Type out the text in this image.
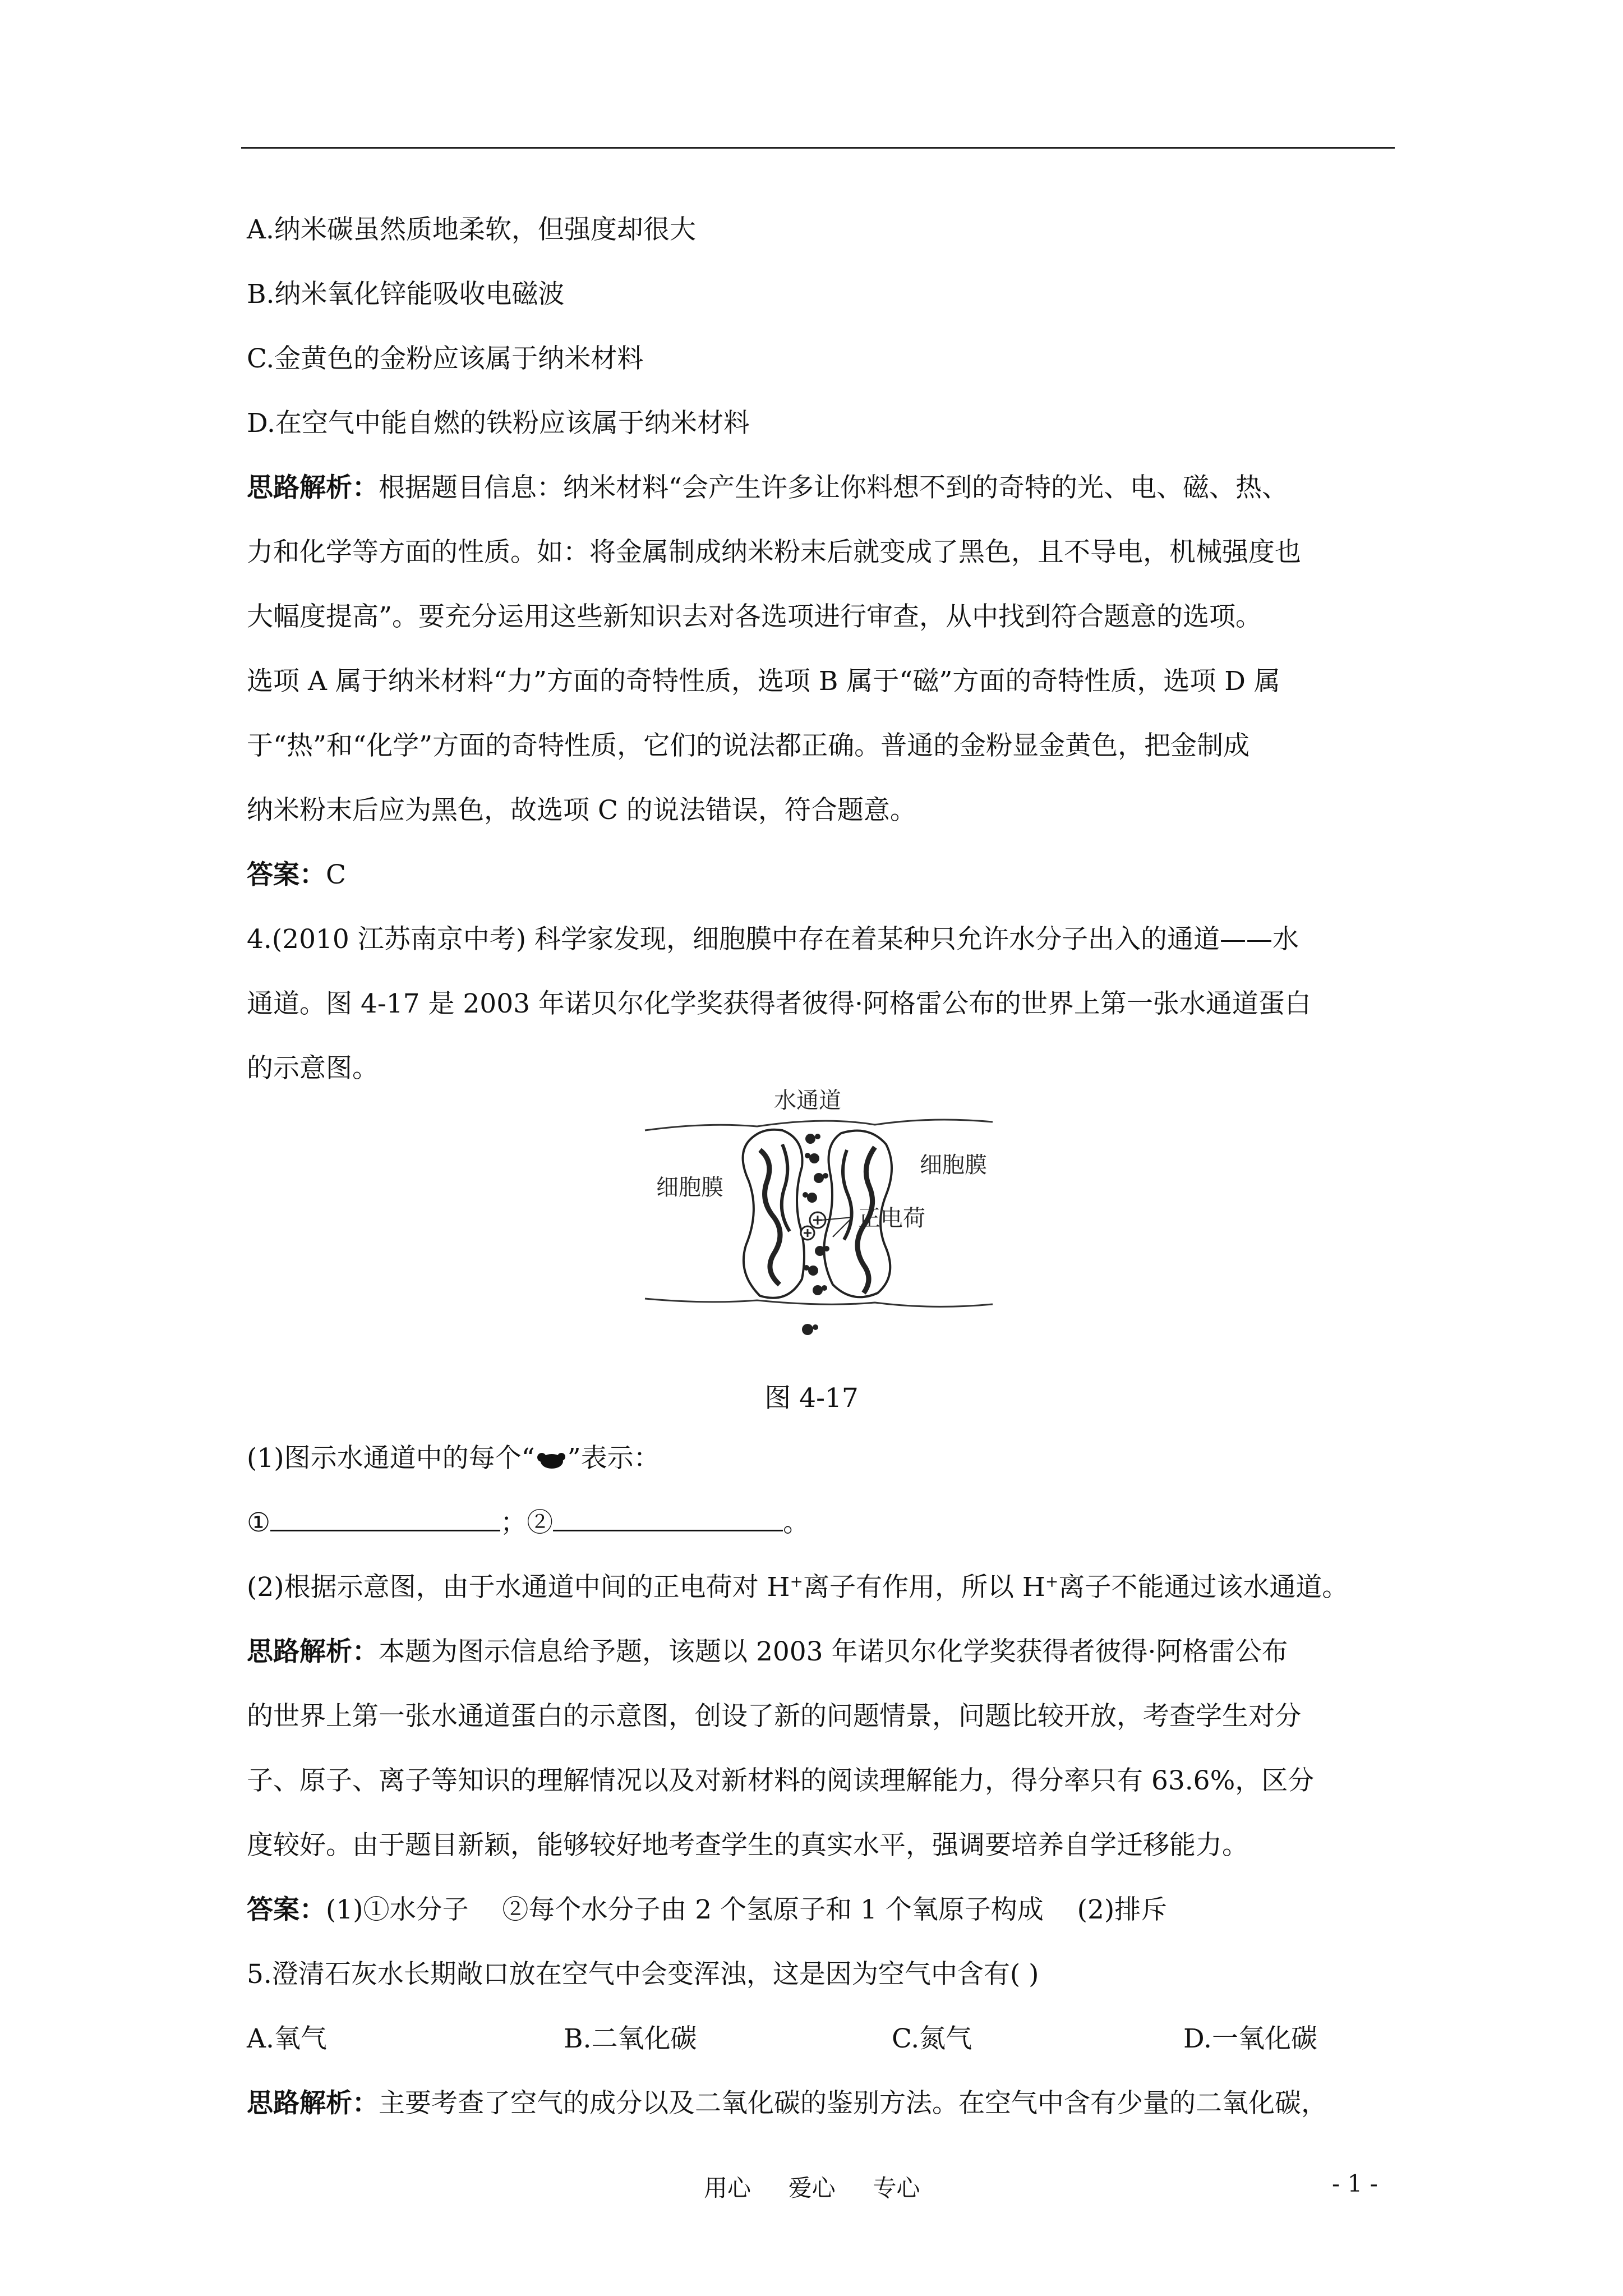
A.纳米碳虽然质地柔软，但强度却很大
B.纳米氧化锌能吸收电磁波
C.金黄色的金粉应该属于纳米材料
D.在空气中能自燃的铁粉应该属于纳米材料
思路解析：根据题目信息：纳米材料“会产生许多让你料想不到的奇特的光、电、磁、热、
力和化学等方面的性质。如：将金属制成纳米粉末后就变成了黑色，且不导电，机械强度也
大幅度提高”。要充分运用这些新知识去对各选项进行审查，从中找到符合题意的选项。
选项 A 属于纳米材料“力”方面的奇特性质，选项 B 属于“磁”方面的奇特性质，选项 D 属
于“热”和“化学”方面的奇特性质，它们的说法都正确。普通的金粉显金黄色，把金制成
纳米粉末后应为黑色，故选项 C 的说法错误，符合题意。
答案：C
4.(2010 江苏南京中考) 科学家发现，细胞膜中存在着某种只允许水分子出入的通道——水
通道。图 4-17 是 2003 年诺贝尔化学奖获得者彼得·阿格雷公布的世界上第一张水通道蛋白
的示意图。
水通道
细胞膜
细胞膜
正电荷
图 4-17
(1)图示水通道中的每个“ ”表示：
①	；②	。
(2)根据示意图，由于水通道中间的正电荷对 H+离子有作用，所以 H+离子不能通过该水通道。
思路解析：本题为图示信息给予题，该题以 2003 年诺贝尔化学奖获得者彼得·阿格雷公布
的世界上第一张水通道蛋白的示意图，创设了新的问题情景，问题比较开放，考查学生对分
子、原子、离子等知识的理解情况以及对新材料的阅读理解能力，得分率只有 63.6%，区分
度较好。由于题目新颖，能够较好地考查学生的真实水平，强调要培养自学迁移能力。
答案：(1)①水分子    ②每个水分子由 2 个氢原子和 1 个氧原子构成    (2)排斥
5.澄清石灰水长期敞口放在空气中会变浑浊，这是因为空气中含有( )
A.氧气	B.二氧化碳	C.氮气	D.一氧化碳
思路解析：主要考查了空气的成分以及二氧化碳的鉴别方法。在空气中含有少量的二氧化碳，
用心     爱心     专心	- 1 -
